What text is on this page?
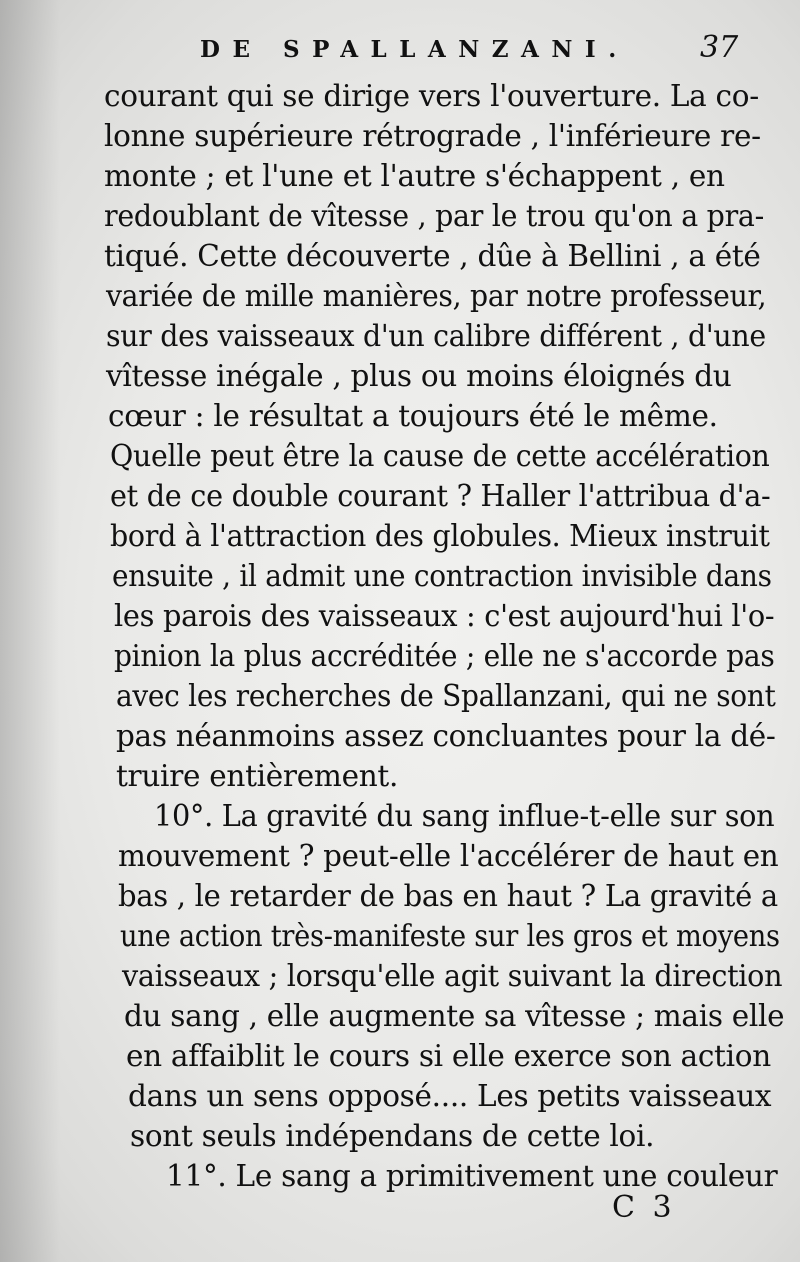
DE SPALLANZANI. 37
courant qui se dirige vers l'ouverture. La co-
lonne supérieure rétrograde , l'inférieure re-
monte ; et l'une et l'autre s'échappent , en
redoublant de vîtesse , par le trou qu'on a pra-
tiqué. Cette découverte , dûe à Bellini , a été
variée de mille manières, par notre professeur,
sur des vaisseaux d'un calibre différent , d'une
vîtesse inégale , plus ou moins éloignés du
cœur : le résultat a toujours été le même.
Quelle peut être la cause de cette accélération
et de ce double courant ? Haller l'attribua d'a-
bord à l'attraction des globules. Mieux instruit
ensuite , il admit une contraction invisible dans
les parois des vaisseaux : c'est aujourd'hui l'o-
pinion la plus accréditée ; elle ne s'accorde pas
avec les recherches de Spallanzani, qui ne sont
pas néanmoins assez concluantes pour la dé-
truire entièrement.
10°. La gravité du sang influe-t-elle sur son
mouvement ? peut-elle l'accélérer de haut en
bas , le retarder de bas en haut ? La gravité a
une action très-manifeste sur les gros et moyens
vaisseaux ; lorsqu'elle agit suivant la direction
du sang , elle augmente sa vîtesse ; mais elle
en affaiblit le cours si elle exerce son action
dans un sens opposé.... Les petits vaisseaux
sont seuls indépendans de cette loi.
11°. Le sang a primitivement une couleur
C 3
